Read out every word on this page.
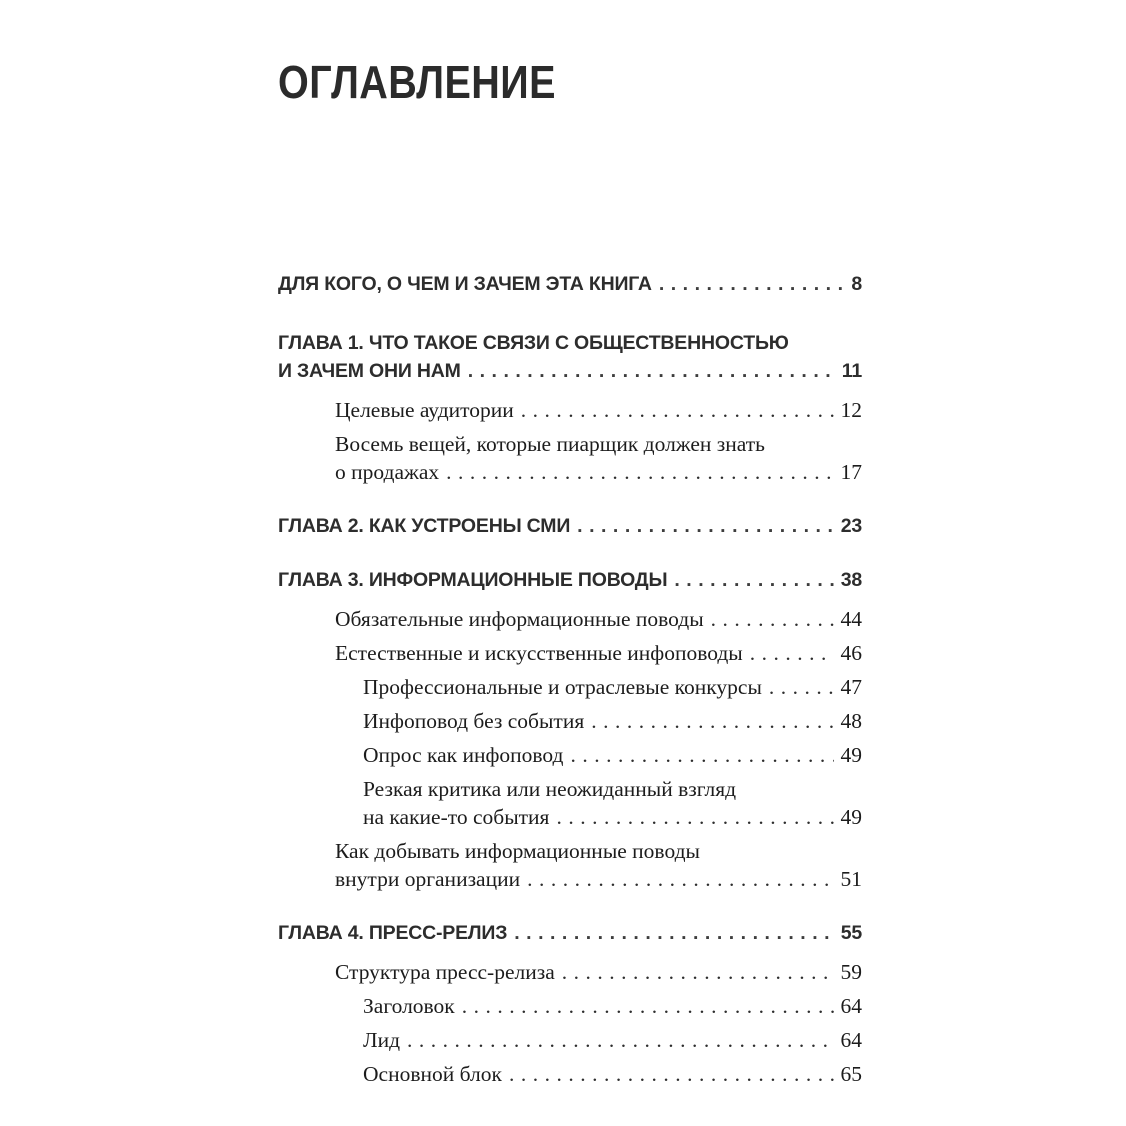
ОГЛАВЛЕНИЕ
ДЛЯ КОГО, О ЧЕМ И ЗАЧЕМ ЭТА КНИГА .....	8
ГЛАВА 1. ЧТО ТАКОЕ СВЯЗИ С ОБЩЕСТВЕННОСТЬЮ
И ЗАЧЕМ ОНИ НАМ .....	11
Целевые аудитории .....	12
Восемь вещей, которые пиарщик должен знать
о продажах .....	17
ГЛАВА 2. КАК УСТРОЕНЫ СМИ .....	23
ГЛАВА 3. ИНФОРМАЦИОННЫЕ ПОВОДЫ .....	38
Обязательные информационные поводы .....	44
Естественные и искусственные инфоповоды .....	46
Профессиональные и отраслевые конкурсы .....	47
Инфоповод без события .....	48
Опрос как инфоповод .....	49
Резкая критика или неожиданный взгляд
на какие-то события .....	49
Как добывать информационные поводы
внутри организации .....	51
ГЛАВА 4. ПРЕСС-РЕЛИЗ .....	55
Структура пресс-релиза .....	59
Заголовок .....	64
Лид .....	64
Основной блок .....	65
